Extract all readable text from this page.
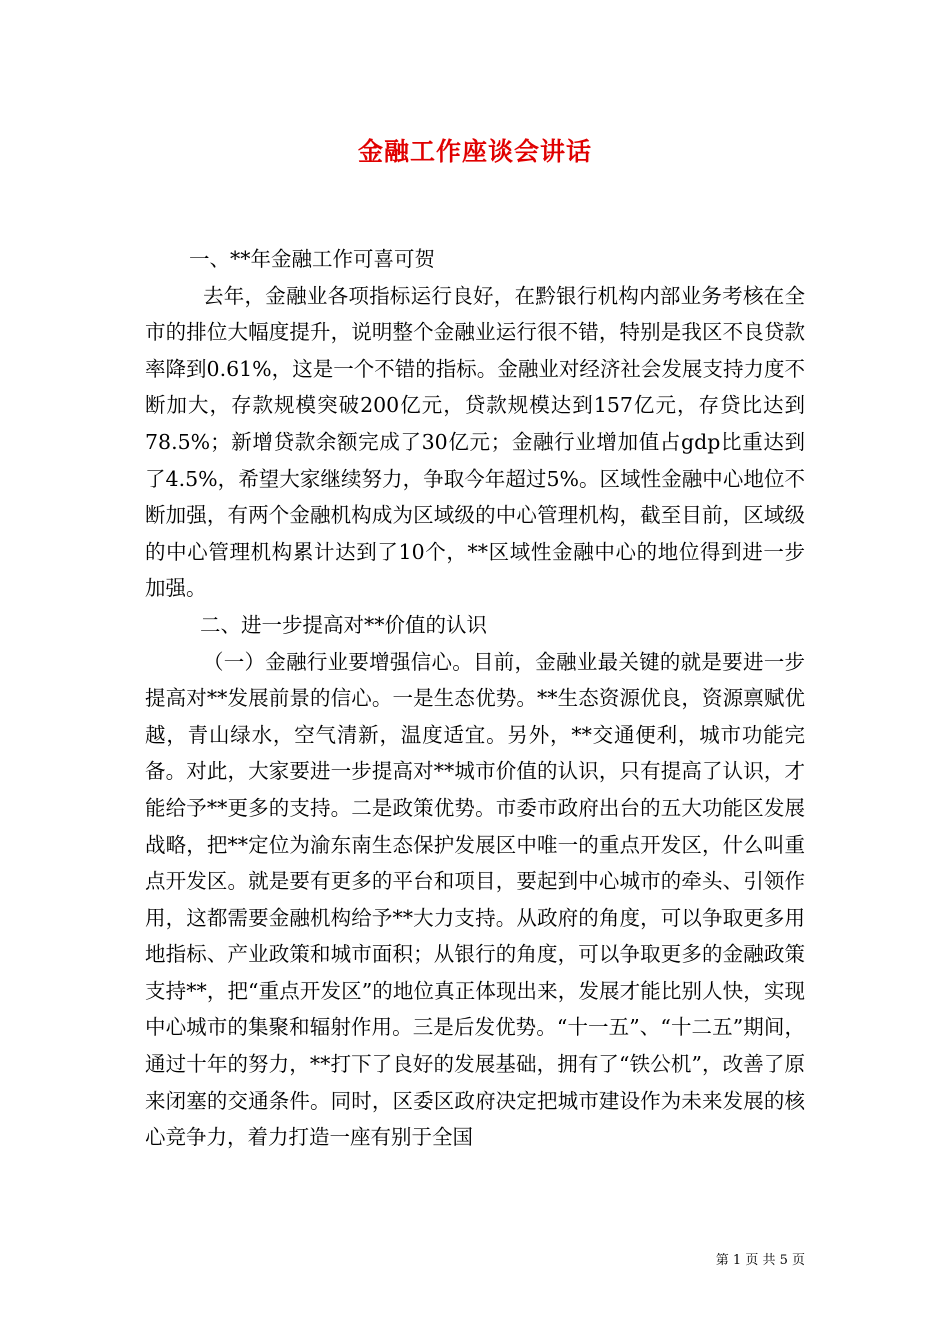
金融工作座谈会讲话

一、**年金融工作可喜可贺

去年，金融业各项指标运行良好，在黔银行机构内部业务考核在全市的排位大幅度提升，说明整个金融业运行很不错，特别是我区不良贷款率降到0.61%，这是一个不错的指标。金融业对经济社会发展支持力度不断加大，存款规模突破200亿元，贷款规模达到157亿元，存贷比达到78.5%；新增贷款余额完成了30亿元；金融行业增加值占gdp比重达到了4.5%，希望大家继续努力，争取今年超过5%。区域性金融中心地位不断加强，有两个金融机构成为区域级的中心管理机构，截至目前，区域级的中心管理机构累计达到了10个，**区域性金融中心的地位得到进一步加强。

二、进一步提高对**价值的认识

（一）金融行业要增强信心。目前，金融业最关键的就是要进一步提高对**发展前景的信心。一是生态优势。**生态资源优良，资源禀赋优越，青山绿水，空气清新，温度适宜。另外，**交通便利，城市功能完备。对此，大家要进一步提高对**城市价值的认识，只有提高了认识，才能给予**更多的支持。二是政策优势。市委市政府出台的五大功能区发展战略，把**定位为渝东南生态保护发展区中唯一的重点开发区，什么叫重点开发区。就是要有更多的平台和项目，要起到中心城市的牵头、引领作用，这都需要金融机构给予**大力支持。从政府的角度，可以争取更多用地指标、产业政策和城市面积；从银行的角度，可以争取更多的金融政策支持**，把“重点开发区”的地位真正体现出来，发展才能比别人快，实现中心城市的集聚和辐射作用。三是后发优势。“十一五”、“十二五”期间，通过十年的努力，**打下了良好的发展基础，拥有了“铁公机”，改善了原来闭塞的交通条件。同时，区委区政府决定把城市建设作为未来发展的核心竞争力，着力打造一座有别于全国

第 1 页 共 5 页
